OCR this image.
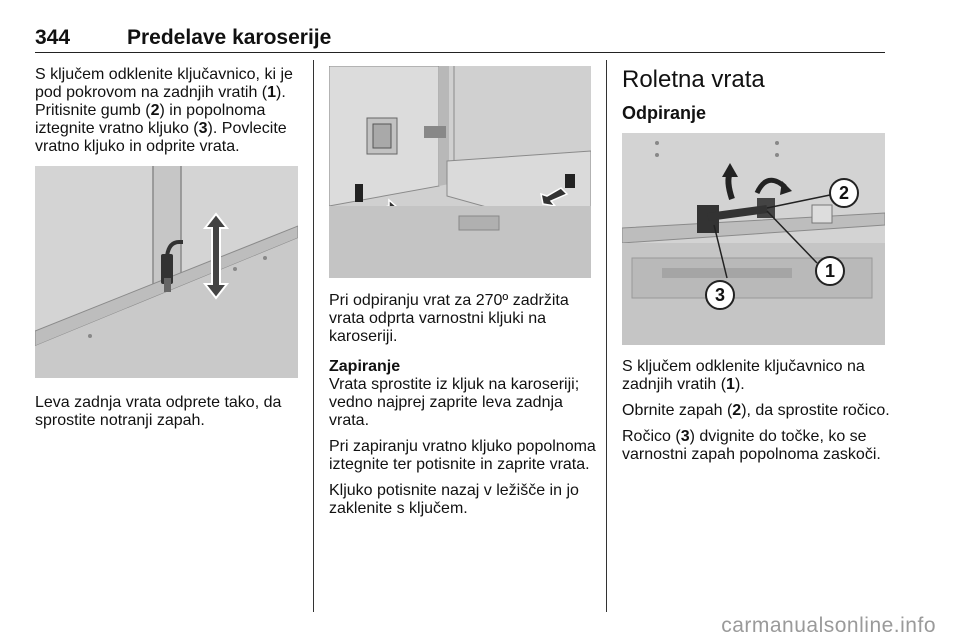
344	Predelave karoserije

S ključem odklenite ključavnico, ki je pod pokrovom na zadnjih vratih (1). Pritisnite gumb (2) in popolnoma iztegnite vratno kljuko (3). Povlecite vratno kljuko in odprite vrata.

Leva zadnja vrata odprete tako, da sprostite notranji zapah.

Pri odpiranju vrat za 270º zadržita vrata odprta varnostni kljuki na karoseriji.

Zapiranje

Vrata sprostite iz kljuk na karoseriji; vedno najprej zaprite leva zadnja vrata.

Pri zapiranju vratno kljuko popolnoma iztegnite ter potisnite in zaprite vrata.

Kljuko potisnite nazaj v ležišče in jo zaklenite s ključem.

Roletna vrata
Odpiranje
2
1
3

S ključem odklenite ključavnico na zadnjih vratih (1).

Obrnite zapah (2), da sprostite ročico.

Ročico (3) dvignite do točke, ko se varnostni zapah popolnoma zaskoči.

carmanualsonline.info
